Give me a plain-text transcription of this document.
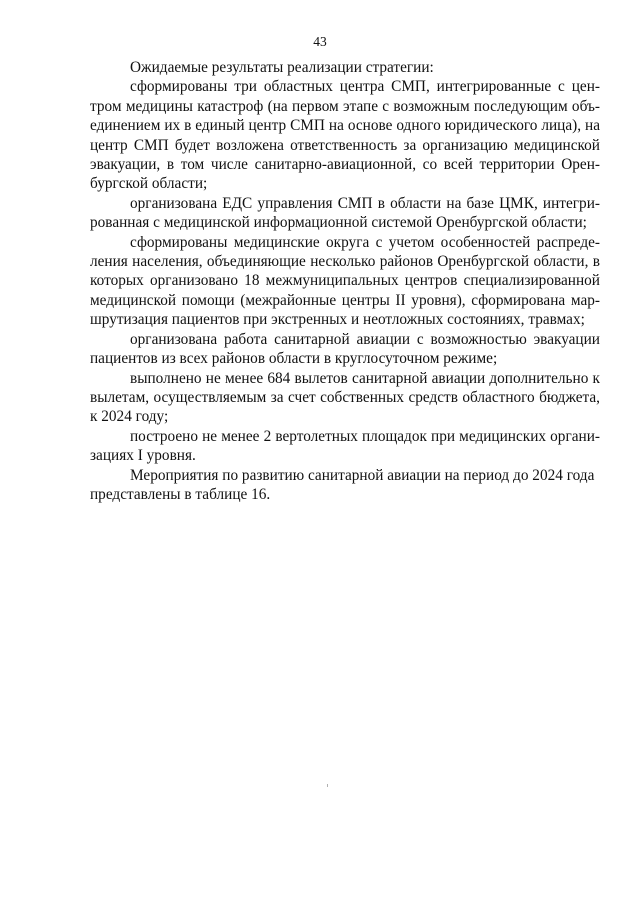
43

Ожидаемые результаты реализации стратегии:

сформированы три областных центра СМП, интегрированные с центром медицины катастроф (на первом этапе с возможным последующим объединением их в единый центр СМП на основе одного юридического лица), на центр СМП будет возложена ответственность за организацию медицинской эвакуации, в том числе санитарно-авиационной, со всей территории Оренбургской области;

организована ЕДС управления СМП в области на базе ЦМК, интегрированная с медицинской информационной системой Оренбургской области;

сформированы медицинские округа с учетом особенностей распределения населения, объединяющие несколько районов Оренбургской области, в которых организовано 18 межмуниципальных центров специализированной медицинской помощи (межрайонные центры II уровня), сформирована маршрутизация пациентов при экстренных и неотложных состояниях, травмах;

организована работа санитарной авиации с возможностью эвакуации пациентов из всех районов области в круглосуточном режиме;

выполнено не менее 684 вылетов санитарной авиации дополнительно к вылетам, осуществляемым за счет собственных средств областного бюджета, к 2024 году;

построено не менее 2 вертолетных площадок при медицинских организациях I уровня.

Мероприятия по развитию санитарной авиации на период до 2024 года представлены в таблице 16.
